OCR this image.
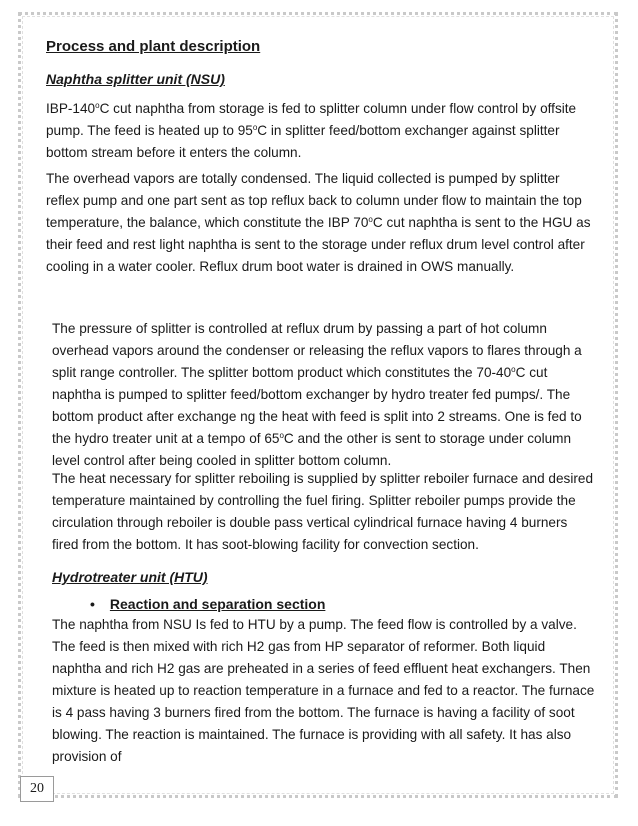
Process and plant description
Naphtha splitter unit (NSU)

IBP-140$^o$C cut naphtha from storage is fed to splitter column under flow control by offsite pump. The feed is heated up to 95$^o$C in splitter feed/bottom exchanger against splitter bottom stream before it enters the column.

The overhead vapors are totally condensed. The liquid collected is pumped by splitter reflex pump and one part sent as top reflux back to column under flow to maintain the top temperature, the balance, which constitute the IBP 70$^o$C cut naphtha is sent to the HGU as their feed and rest light naphtha is sent to the storage under reflux drum level control after cooling in a water cooler. Reflux drum boot water is drained in OWS manually.

The pressure of splitter is controlled at reflux drum by passing a part of hot column overhead vapors around the condenser or releasing the reflux vapors to flares through a split range controller. The splitter bottom product which constitutes the 70-40$^o$C cut naphtha is pumped to splitter feed/bottom exchanger by hydro treater fed pumps/. The bottom product after exchange ng the heat with feed is split into 2 streams. One is fed to the hydro treater unit at a tempo of 65$^o$C and the other is sent to storage under column level control after being cooled in splitter bottom column.

The heat necessary for splitter reboiling is supplied by splitter reboiler furnace and desired temperature maintained by controlling the fuel firing. Splitter reboiler pumps provide the circulation through reboiler is double pass vertical cylindrical furnace having 4 burners fired from the bottom. It has soot-blowing facility for convection section.

Hydrotreater unit (HTU)
• Reaction and separation section

The naphtha from NSU Is fed to HTU by a pump. The feed flow is controlled by a valve. The feed is then mixed with rich H2 gas from HP separator of reformer. Both liquid naphtha and rich H2 gas are preheated in a series of feed effluent heat exchangers. Then mixture is heated up to reaction temperature in a furnace and fed to a reactor. The furnace is 4 pass having 3 burners fired from the bottom. The furnace is having a facility of soot blowing. The reaction is maintained. The furnace is providing with all safety. It has also provision of

20
